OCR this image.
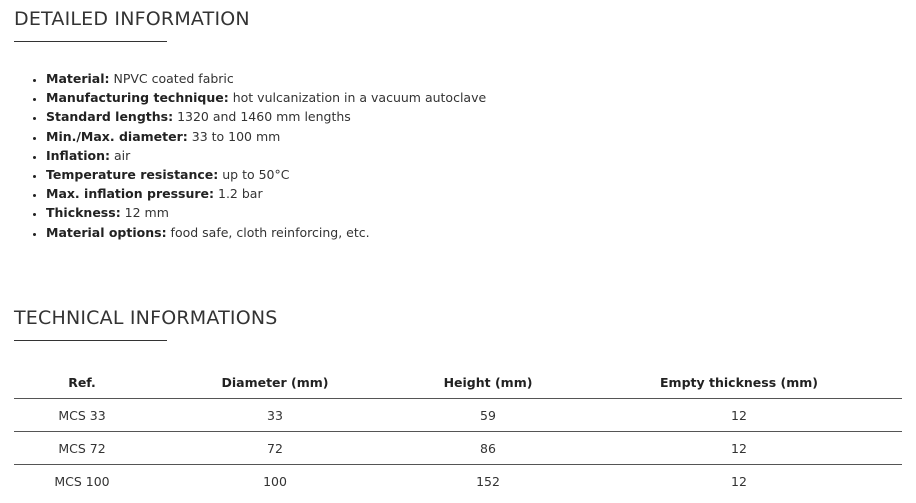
DETAILED INFORMATION
• Material: NPVC coated fabric
• Manufacturing technique: hot vulcanization in a vacuum autoclave
• Standard lengths: 1320 and 1460 mm lengths
• Min./Max. diameter: 33 to 100 mm
• Inflation: air
• Temperature resistance: up to 50°C
• Max. inflation pressure: 1.2 bar
• Thickness: 12 mm
• Material options: food safe, cloth reinforcing, etc.
TECHNICAL INFORMATIONS
Ref.	Diameter (mm)	Height (mm)	Empty thickness (mm)
MCS 33	33	59	12
MCS 72	72	86	12
MCS 100	100	152	12
